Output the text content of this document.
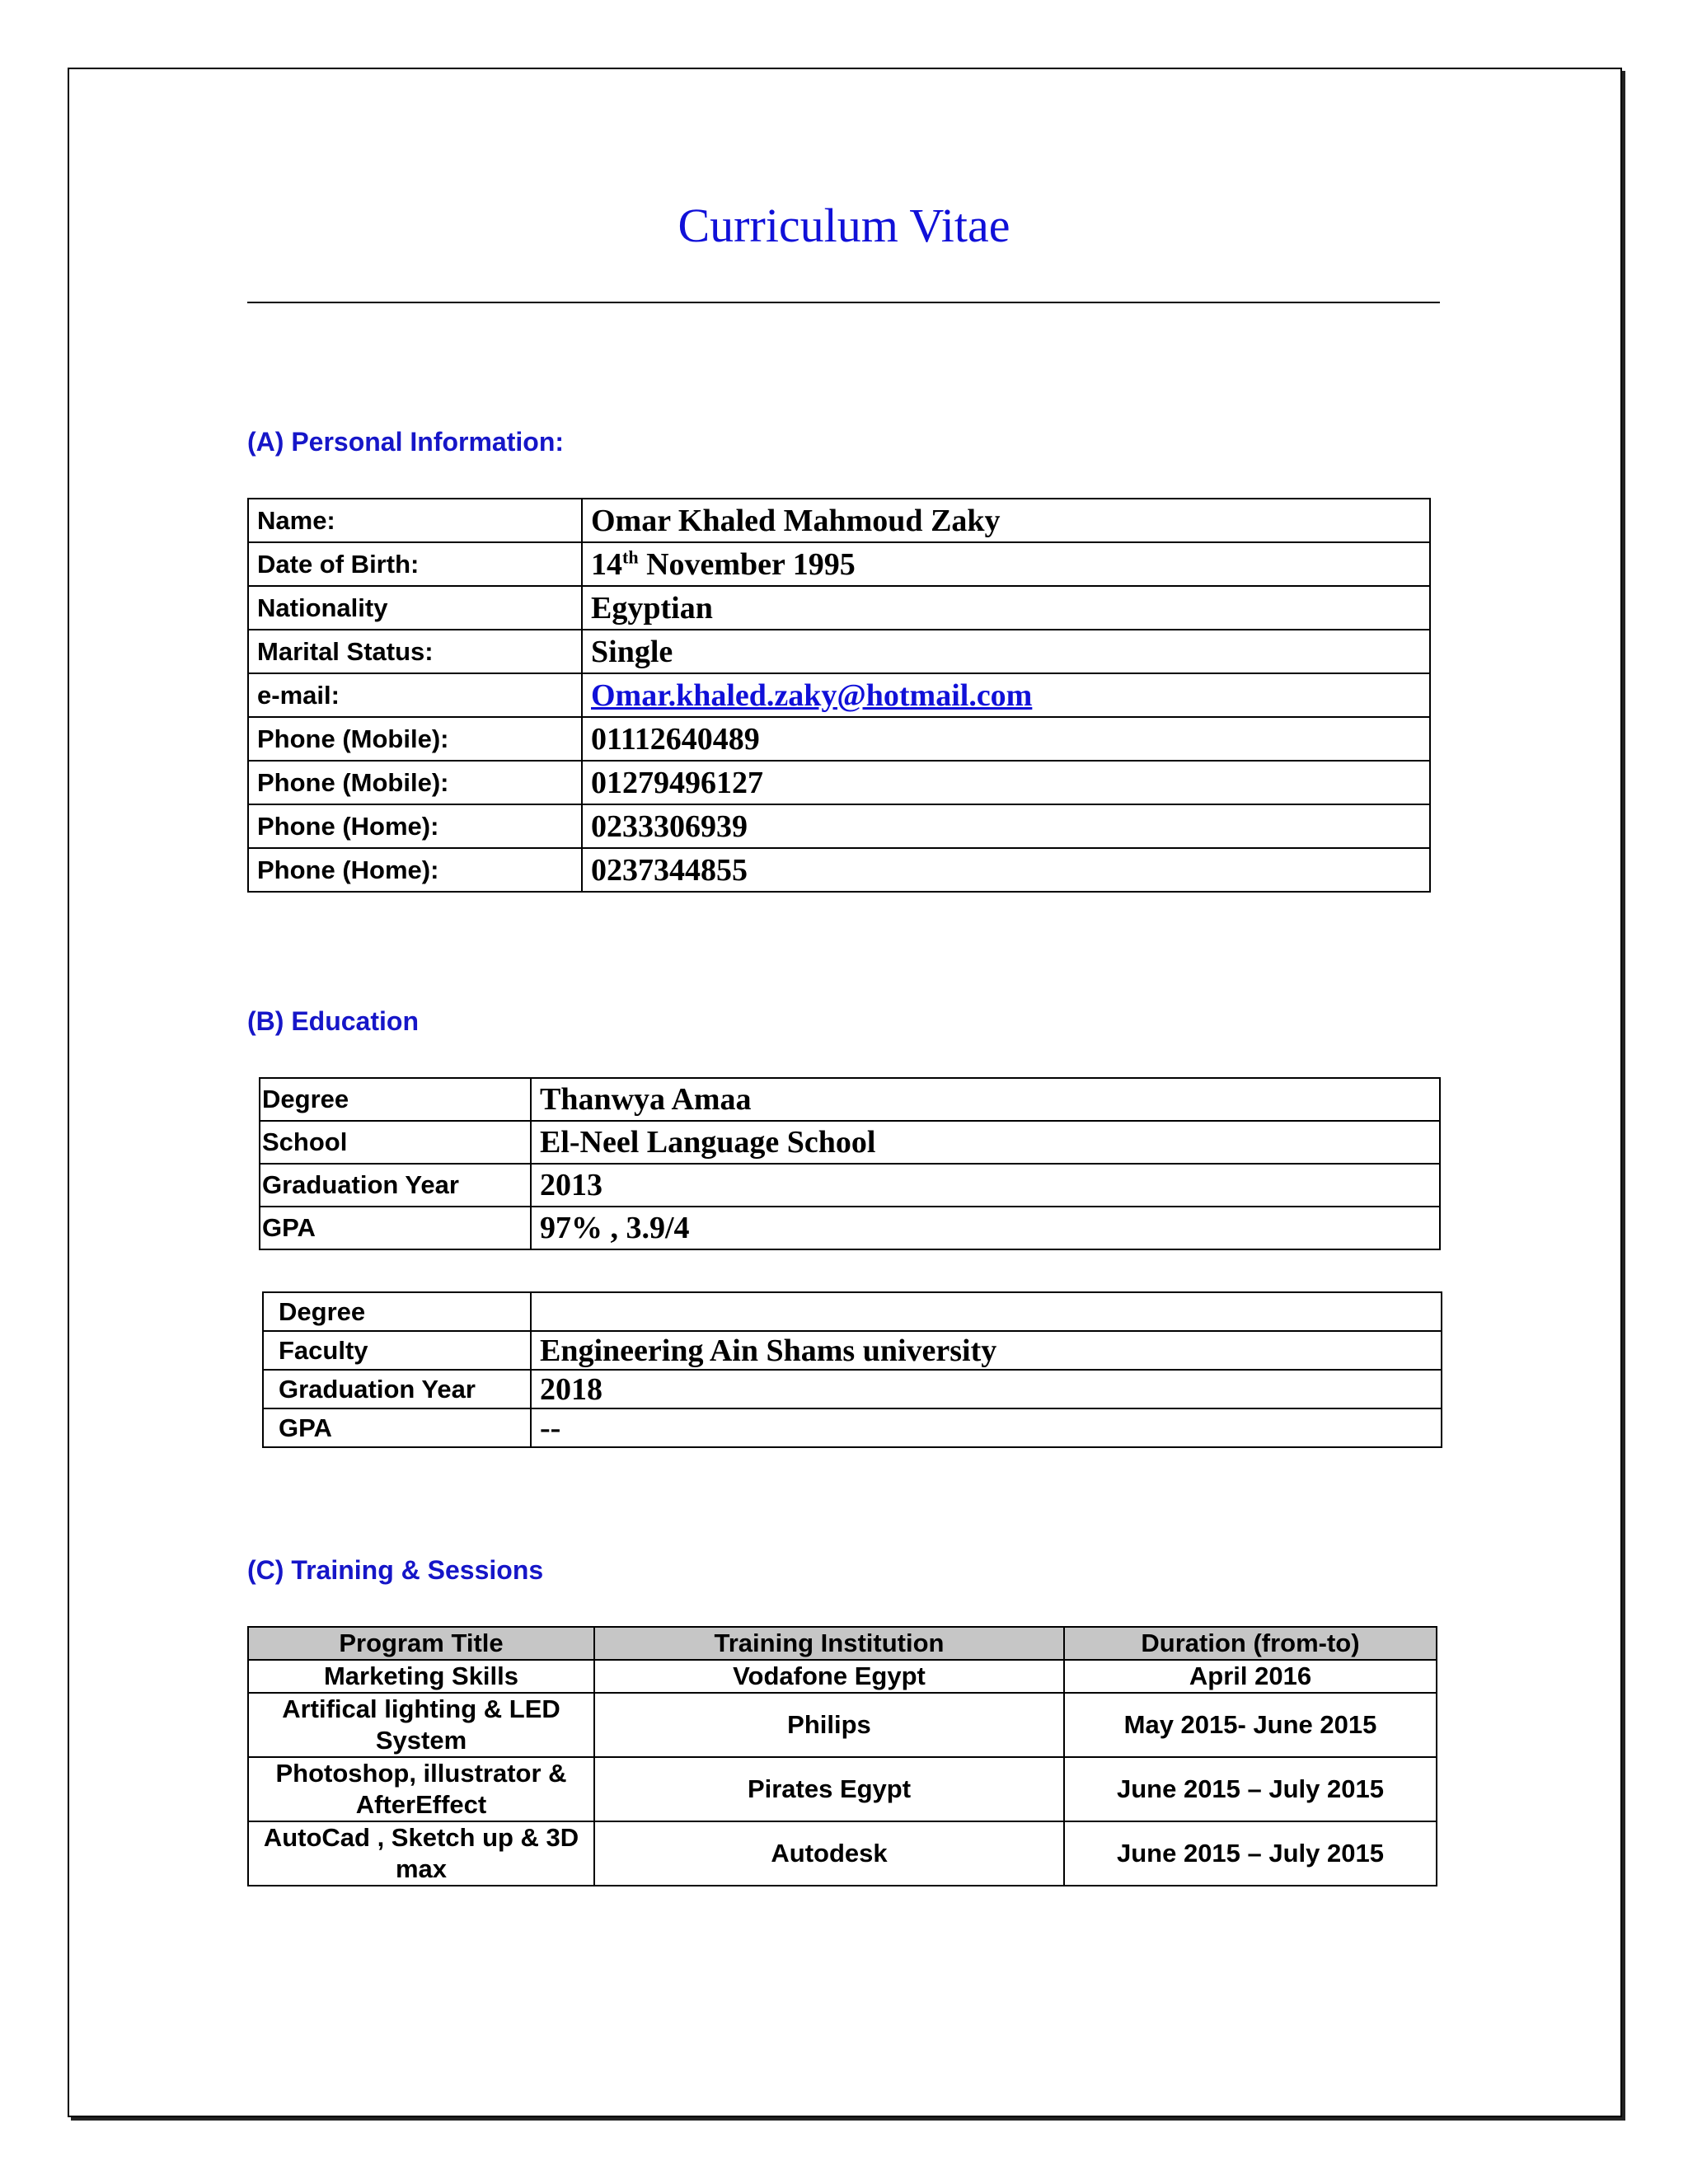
Curriculum Vitae
(A) Personal Information:
Name:	Omar Khaled Mahmoud Zaky
Date of Birth:	14th November 1995
Nationality	Egyptian
Marital Status:	Single
e-mail:	Omar.khaled.zaky@hotmail.com
Phone (Mobile):	01112640489
Phone (Mobile):	01279496127
Phone (Home):	0233306939
Phone (Home):	0237344855
(B) Education
Degree	Thanwya Amaa
School	El-Neel Language School
Graduation Year	2013
GPA	97% , 3.9/4
Degree	
Faculty	Engineering Ain Shams university
Graduation Year	2018
GPA	--
(C) Training & Sessions
Program Title	Training Institution	Duration (from-to)
Marketing Skills	Vodafone Egypt	April 2016
Artifical lighting & LED System	Philips	May 2015- June 2015
Photoshop, illustrator & AfterEffect	Pirates Egypt	June 2015 – July 2015
AutoCad , Sketch up & 3D max	Autodesk	June 2015 – July 2015
